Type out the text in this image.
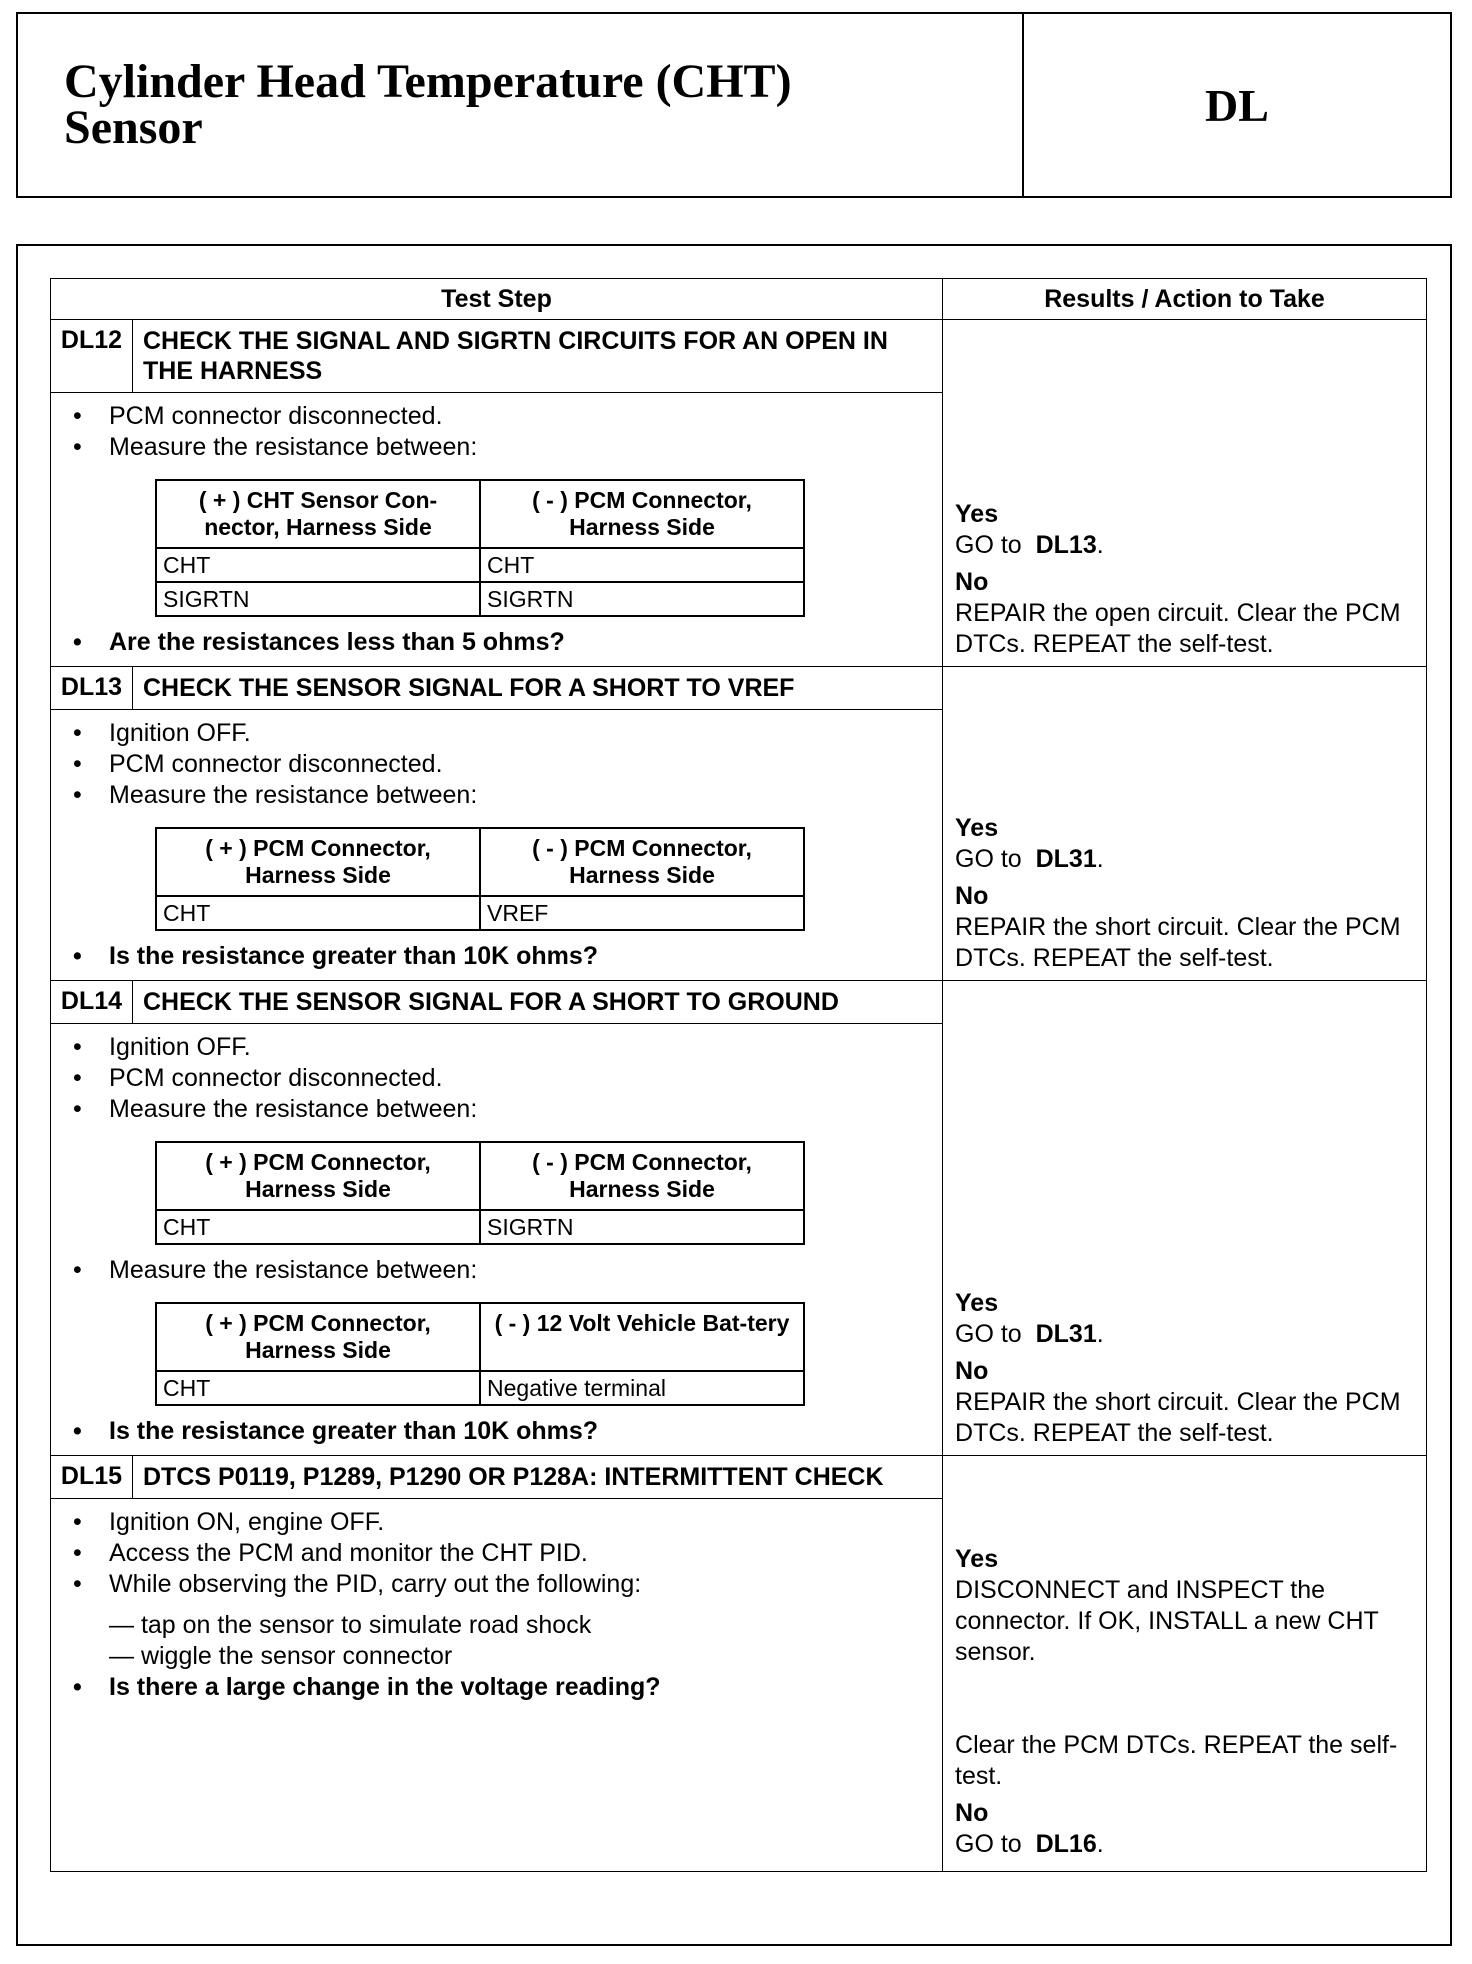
Cylinder Head Temperature (CHT)
Sensor	DL
Test Step	Results / Action to Take
DL12	CHECK THE SIGNAL AND SIGRTN CIRCUITS FOR AN OPEN IN THE HARNESS	
Yes
GO to DL13.
No
REPAIR the open circuit. Clear the PCM DTCs. REPEAT the self-test.

• PCM connector disconnected.
• Measure the resistance between:
( + ) CHT Sensor Con-nector, Harness Side	( - ) PCM Connector, Harness Side
CHT	CHT
SIGRTN	SIGRTN
• Are the resistances less than 5 ohms?

DL13	CHECK THE SENSOR SIGNAL FOR A SHORT TO VREF	
Yes
GO to DL31.
No
REPAIR the short circuit. Clear the PCM DTCs. REPEAT the self-test.

• Ignition OFF.
• PCM connector disconnected.
• Measure the resistance between:
( + ) PCM Connector, Harness Side	( - ) PCM Connector, Harness Side
CHT	VREF
• Is the resistance greater than 10K ohms?

DL14	CHECK THE SENSOR SIGNAL FOR A SHORT TO GROUND	
Yes
GO to DL31.
No
REPAIR the short circuit. Clear the PCM DTCs. REPEAT the self-test.

• Ignition OFF.
• PCM connector disconnected.
• Measure the resistance between:
( + ) PCM Connector, Harness Side	( - ) PCM Connector, Harness Side
CHT	SIGRTN
• Measure the resistance between:
( + ) PCM Connector, Harness Side	( - ) 12 Volt Vehicle Bat-tery
CHT	Negative terminal
• Is the resistance greater than 10K ohms?

DL15	DTCS P0119, P1289, P1290 OR P128A: INTERMITTENT CHECK	
Yes
DISCONNECT and INSPECT the connector. If OK, INSTALL a new CHT sensor.
Clear the PCM DTCs. REPEAT the self-test.
No
GO to DL16.

• Ignition ON, engine OFF.
• Access the PCM and monitor the CHT PID.
• While observing the PID, carry out the following:
— tap on the sensor to simulate road shock
— wiggle the sensor connector
• Is there a large change in the voltage reading?
